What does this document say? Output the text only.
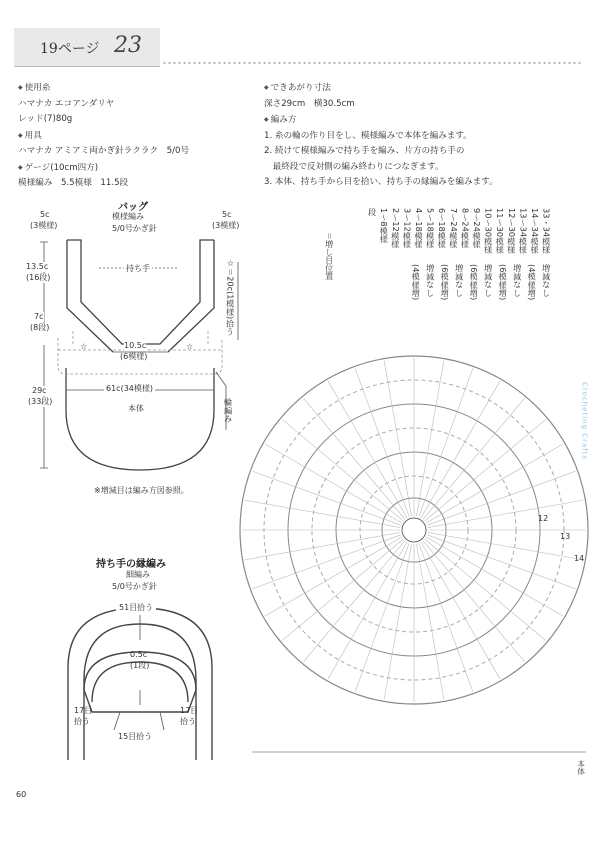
19ページ 23

◆ 使用糸

ハマナカ エコアンダリヤ

レッド(7)80g

◆ 用具

ハマナカ アミアミ両かぎ針ラクラク　5/0号

◆ ゲージ(10cm四方)

模様編み　5.5模様　11.5段

◆ できあがり寸法

深さ29cm　横30.5cm

◆ 編み方

1. 糸の輪の作り目をし、模様編みで本体を編みます。

2. 続けて模様編みで持ち手を編み、片方の持ち手の

　最終段で反対側の編み終わりにつなぎます。

3. 本体、持ち手から目を拾い、持ち手の縁編みを編みます。

バッグ
模様編み
5/0号かぎ針
5c
(3模様)
5c
(3模様)
持ち手
13.5c
(16段)
7c
(8段)
29c
(33段)
10.5c
(6模様)
☆	☆
61c(34模様)
本体	輪編み
☆＝20c(1模様)拾う
※増減目は編み方図参照。
持ち手の縁編み
細編み
5/0号かぎ針
51目拾う
0.5c
(1段)
17目
拾う
17目
拾う
15目拾う
33・34模様
14～34模様
13～34模様
12～30模様
11～30模様
10～30模様
9～24模様
8～24模様
7～24模様
6～18模様
5～18模様
4～18模様
3～12模様
2～12模様
1～8模様
段
＝増し目位置
12
13
14
本体
Crocheting Crafts
60
増減なし
(4模様増)
増減なし
(6模様増)
増減なし
(6模様増)
増減なし
(6模様増)
増減なし
(4模様増)
